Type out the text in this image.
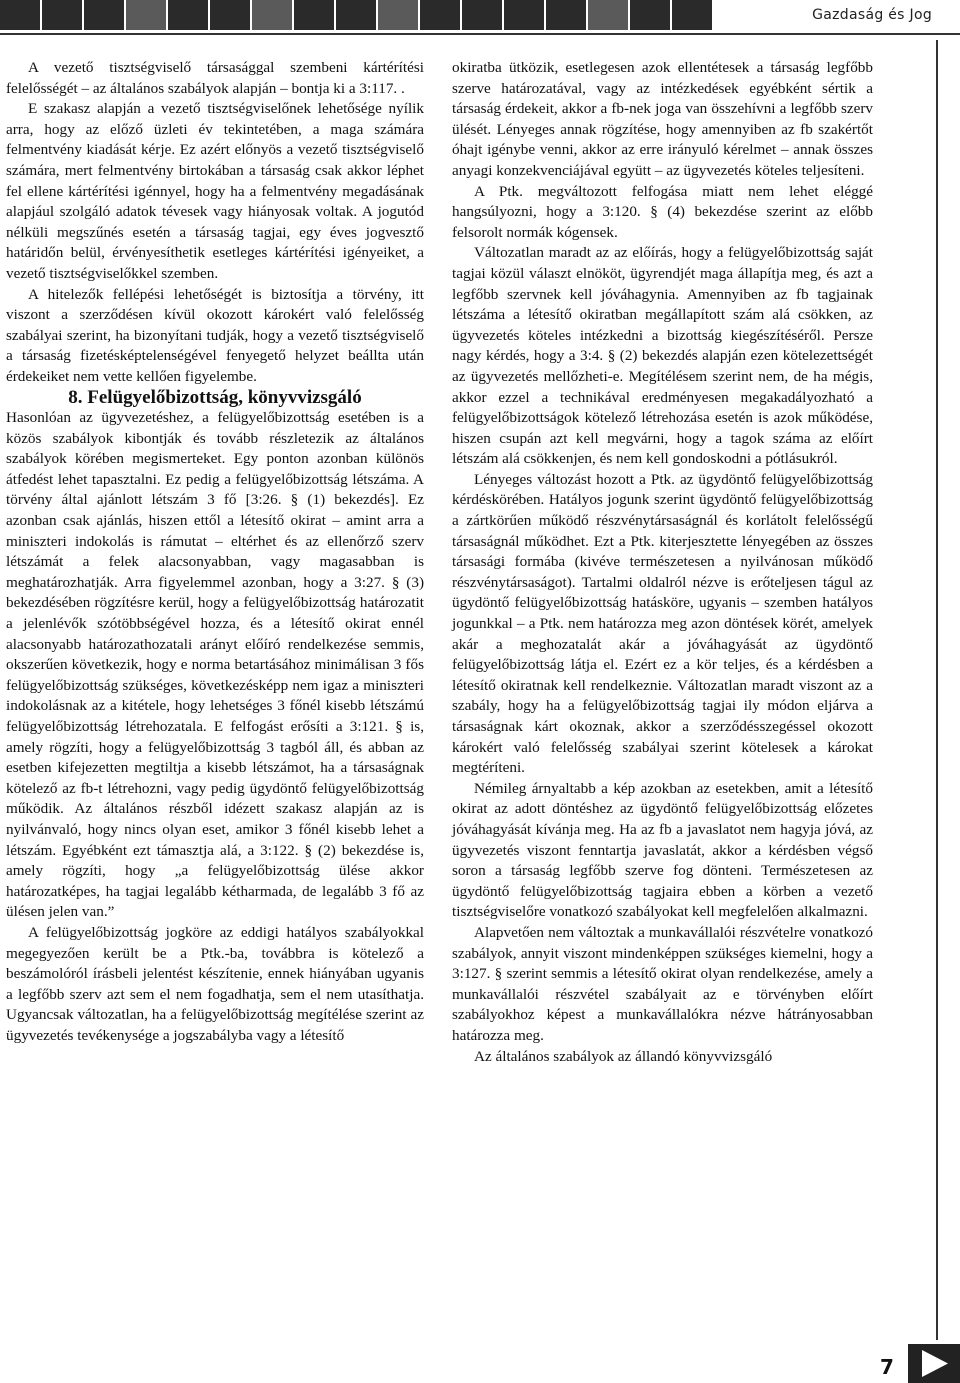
Gazdaság és Jog

A vezető tisztségviselő társasággal szembeni kártérítési felelősségét – az általános szabályok alapján – bontja ki a 3:117. .

E szakasz alapján a vezető tisztségviselőnek lehetősége nyílik arra, hogy az előző üzleti év tekintetében, a maga számára felmentvény kiadását kérje. Ez azért előnyös a vezető tisztségviselő számára, mert felmentvény birtokában a társaság csak akkor léphet fel ellene kártérítési igénnyel, hogy ha a felmentvény megadásának alapjául szolgáló adatok tévesek vagy hiányosak voltak. A jogutód nélküli megszűnés esetén a társaság tagjai, egy éves jogvesztő határidőn belül, érvényesíthetik esetleges kártérítési igényeiket, a vezető tisztségviselőkkel szemben.

A hitelezők fellépési lehetőségét is biztosítja a törvény, itt viszont a szerződésen kívül okozott károkért való felelősség szabályai szerint, ha bizonyítani tudják, hogy a vezető tisztségviselő a társaság fizetésképtelenségével fenyegető helyzet beállta után érdekeiket nem vette kellően figyelembe.

8. Felügyelőbizottság, könyvvizsgáló

Hasonlóan az ügyvezetéshez, a felügyelőbizottság esetében is a közös szabályok kibontják és tovább részletezik az általános szabályok körében megismerteket. Egy ponton azonban különös átfedést lehet tapasztalni. Ez pedig a felügyelőbizottság létszáma. A törvény által ajánlott létszám 3 fő [3:26. § (1) bekezdés]. Ez azonban csak ajánlás, hiszen ettől a létesítő okirat – amint arra a miniszteri indokolás is rámutat – eltérhet és az ellenőrző szerv létszámát a felek alacsonyabban, vagy magasabban is meghatározhatják. Arra figyelemmel azonban, hogy a 3:27. § (3) bekezdésében rögzítésre kerül, hogy a felügyelőbizottság határozatit a jelenlévők szótöbbségével hozza, és a létesítő okirat ennél alacsonyabb határozathozatali arányt előíró rendelkezése semmis, okszerűen következik, hogy e norma betartásához minimálisan 3 fős felügyelőbizottság szükséges, következésképp nem igaz a miniszteri indokolásnak az a kitétele, hogy lehetséges 3 főnél kisebb létszámú felügyelőbizottság létrehozatala. E felfogást erősíti a 3:121. § is, amely rögzíti, hogy a felügyelőbizottság 3 tagból áll, és abban az esetben kifejezetten megtiltja a kisebb létszámot, ha a társaságnak kötelező az fb-t létrehozni, vagy pedig ügydöntő felügyelőbizottság működik. Az általános részből idézett szakasz alapján az is nyilvánvaló, hogy nincs olyan eset, amikor 3 főnél kisebb lehet a létszám. Egyébként ezt támasztja alá, a 3:122. § (2) bekezdése is, amely rögzíti, hogy „a felügyelőbizottság ülése akkor határozatképes, ha tagjai legalább kétharmada, de legalább 3 fő az ülésen jelen van.”

A felügyelőbizottság jogköre az eddigi hatályos szabályokkal megegyezően került be a Ptk.-ba, továbbra is kötelező a beszámolóról írásbeli jelentést készítenie, ennek hiányában ugyanis a legfőbb szerv azt sem el nem fogadhatja, sem el nem utasíthatja. Ugyancsak változatlan, ha a felügyelőbizottság megítélése szerint az ügyvezetés tevékenysége a jogszabályba vagy a létesítő

okiratba ütközik, esetlegesen azok ellentétesek a társaság legfőbb szerve határozatával, vagy az intézkedések egyébként sértik a társaság érdekeit, akkor a fb-nek joga van összehívni a legfőbb szerv ülését. Lényeges annak rögzítése, hogy amennyiben az fb szakértőt óhajt igénybe venni, akkor az erre irányuló kérelmet – annak összes anyagi konzekvenciájával együtt – az ügyvezetés köteles teljesíteni.

A Ptk. megváltozott felfogása miatt nem lehet eléggé hangsúlyozni, hogy a 3:120. § (4) bekezdése szerint az előbb felsorolt normák kógensek.

Változatlan maradt az az előírás, hogy a felügyelőbizottság saját tagjai közül választ elnököt, ügyrendjét maga állapítja meg, és azt a legfőbb szervnek kell jóváhagynia. Amennyiben az fb tagjainak létszáma a létesítő okiratban megállapított szám alá csökken, az ügyvezetés köteles intézkedni a bizottság kiegészítéséről. Persze nagy kérdés, hogy a 3:4. § (2) bekezdés alapján ezen kötelezettségét az ügyvezetés mellőzheti-e. Megítélésem szerint nem, de ha mégis, akkor ezzel a technikával eredményesen megakadályozható a felügyelőbizottságok kötelező létrehozása esetén is azok működése, hiszen csupán azt kell megvárni, hogy a tagok száma az előírt létszám alá csökkenjen, és nem kell gondoskodni a pótlásukról.

Lényeges változást hozott a Ptk. az ügydöntő felügyelőbizottság kérdéskörében. Hatályos jogunk szerint ügydöntő felügyelőbizottság a zártkörűen működő részvénytársaságnál és korlátolt felelősségű társaságnál működhet. Ezt a Ptk. kiterjesztette lényegében az összes társasági formába (kivéve természetesen a nyilvánosan működő részvénytársaságot). Tartalmi oldalról nézve is erőteljesen tágul az ügydöntő felügyelőbizottság hatásköre, ugyanis – szemben hatályos jogunkkal – a Ptk. nem határozza meg azon döntések körét, amelyek akár a meghozatalát akár a jóváhagyását az ügydöntő felügyelőbizottság látja el. Ezért ez a kör teljes, és a kérdésben a létesítő okiratnak kell rendelkeznie. Változatlan maradt viszont az a szabály, hogy ha a felügyelőbizottság tagjai ily módon eljárva a társaságnak kárt okoznak, akkor a szerződésszegéssel okozott károkért való felelősség szabályai szerint kötelesek a károkat megtéríteni.

Némileg árnyaltabb a kép azokban az esetekben, amit a létesítő okirat az adott döntéshez az ügydöntő felügyelőbizottság előzetes jóváhagyását kívánja meg. Ha az fb a javaslatot nem hagyja jóvá, az ügyvezetés viszont fenntartja javaslatát, akkor a kérdésben végső soron a társaság legfőbb szerve fog dönteni. Természetesen az ügydöntő felügyelőbizottság tagjaira ebben a körben a vezető tisztségviselőre vonatkozó szabályokat kell megfelelően alkalmazni.

Alapvetően nem változtak a munkavállalói részvételre vonatkozó szabályok, annyit viszont mindenképpen szükséges kiemelni, hogy a 3:127. § szerint semmis a létesítő okirat olyan rendelkezése, amely a munkavállalói részvétel szabályait az e törvényben előírt szabályokhoz képest a munkavállalókra nézve hátrányosabban határozza meg.

Az általános szabályok az állandó könyvvizsgáló

7
